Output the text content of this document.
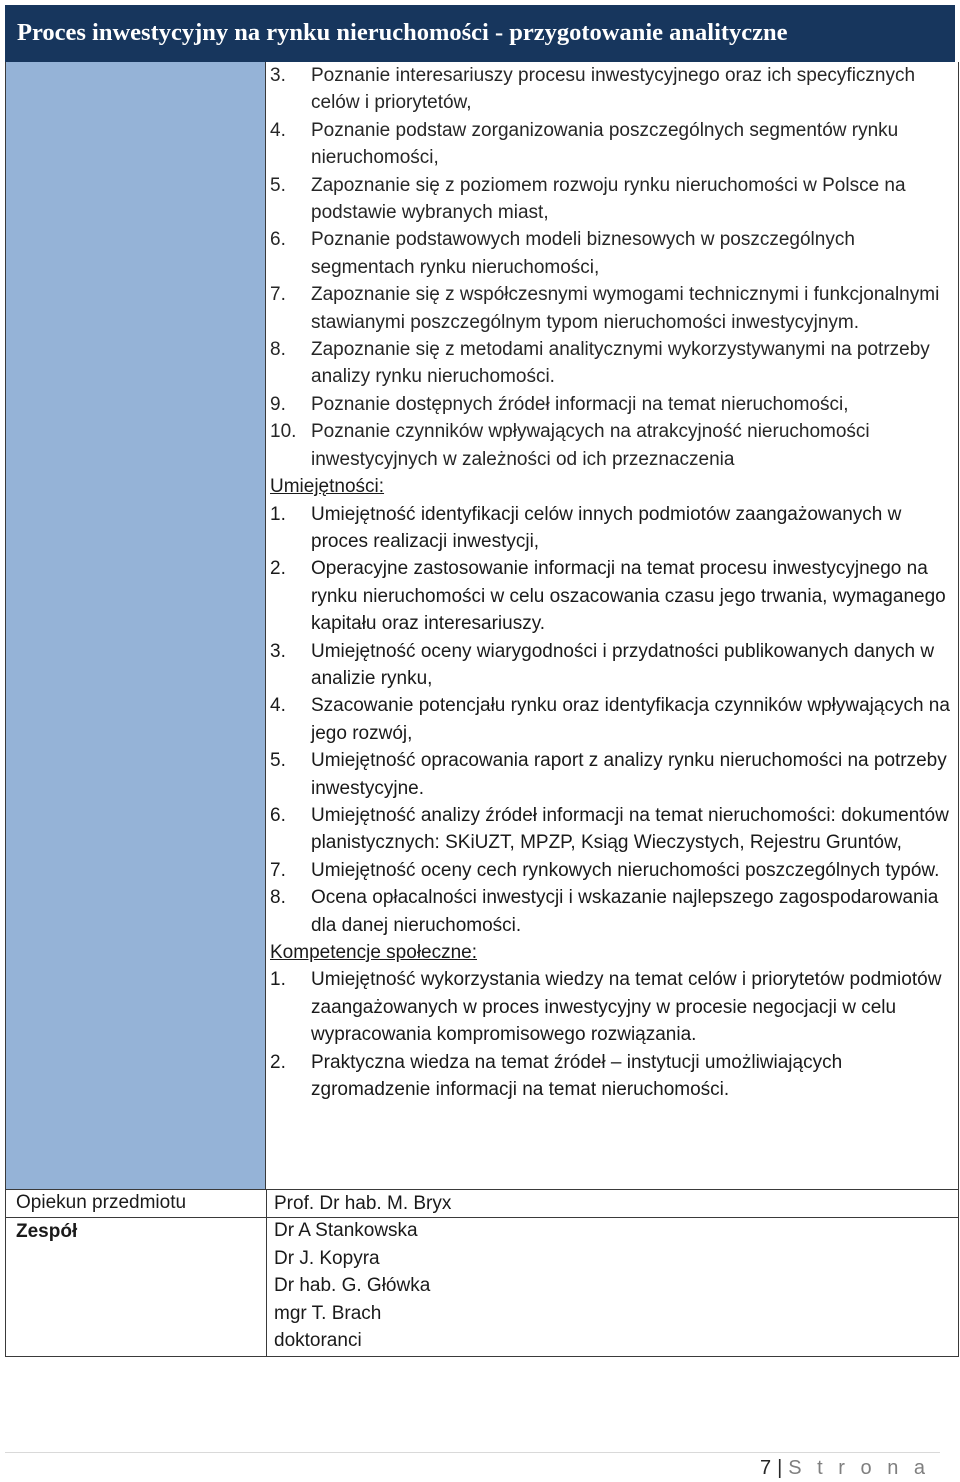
Proces inwestycyjny na rynku nieruchomości - przygotowanie analityczne
Opiekun przedmiotu
Zespół
3. Poznanie interesariuszy procesu inwestycyjnego oraz ich specyficznych celów i priorytetów,
4. Poznanie podstaw zorganizowania poszczególnych segmentów rynku nieruchomości,
5. Zapoznanie się z poziomem rozwoju rynku nieruchomości w Polsce na podstawie wybranych miast,
6. Poznanie podstawowych modeli biznesowych w poszczególnych segmentach rynku nieruchomości,
7. Zapoznanie się z współczesnymi wymogami technicznymi i funkcjonalnymi stawianymi poszczególnym typom nieruchomości inwestycyjnym.
8. Zapoznanie się z metodami analitycznymi wykorzystywanymi na potrzeby analizy rynku nieruchomości.
9. Poznanie dostępnych źródeł informacji na temat nieruchomości,
10. Poznanie czynników wpływających na atrakcyjność nieruchomości inwestycyjnych w zależności od ich przeznaczenia
Umiejętności:
1. Umiejętność identyfikacji celów innych podmiotów zaangażowanych w proces realizacji inwestycji,
2. Operacyjne zastosowanie informacji na temat procesu inwestycyjnego na rynku nieruchomości w celu oszacowania czasu jego trwania, wymaganego kapitału oraz interesariuszy.
3. Umiejętność oceny wiarygodności i przydatności publikowanych danych w analizie rynku,
4. Szacowanie potencjału rynku oraz identyfikacja czynników wpływających na jego rozwój,
5. Umiejętność opracowania raport z analizy rynku nieruchomości na potrzeby inwestycyjne.
6. Umiejętność analizy źródeł informacji na temat nieruchomości: dokumentów planistycznych: SKiUZT, MPZP, Ksiąg Wieczystych, Rejestru Gruntów,
7. Umiejętność oceny cech rynkowych nieruchomości poszczególnych typów.
8. Ocena opłacalności inwestycji i wskazanie najlepszego zagospodarowania dla danej nieruchomości.
Kompetencje społeczne:
1. Umiejętność wykorzystania wiedzy na temat celów i priorytetów podmiotów zaangażowanych w proces inwestycyjny w procesie negocjacji w celu wypracowania kompromisowego rozwiązania.
2. Praktyczna wiedza na temat źródeł – instytucji umożliwiających zgromadzenie informacji na temat nieruchomości.
Prof. Dr hab. M. Bryx
Dr A Stankowska
Dr J. Kopyra
Dr hab. G. Główka
mgr T. Brach
doktoranci
7 | S t r o n a
